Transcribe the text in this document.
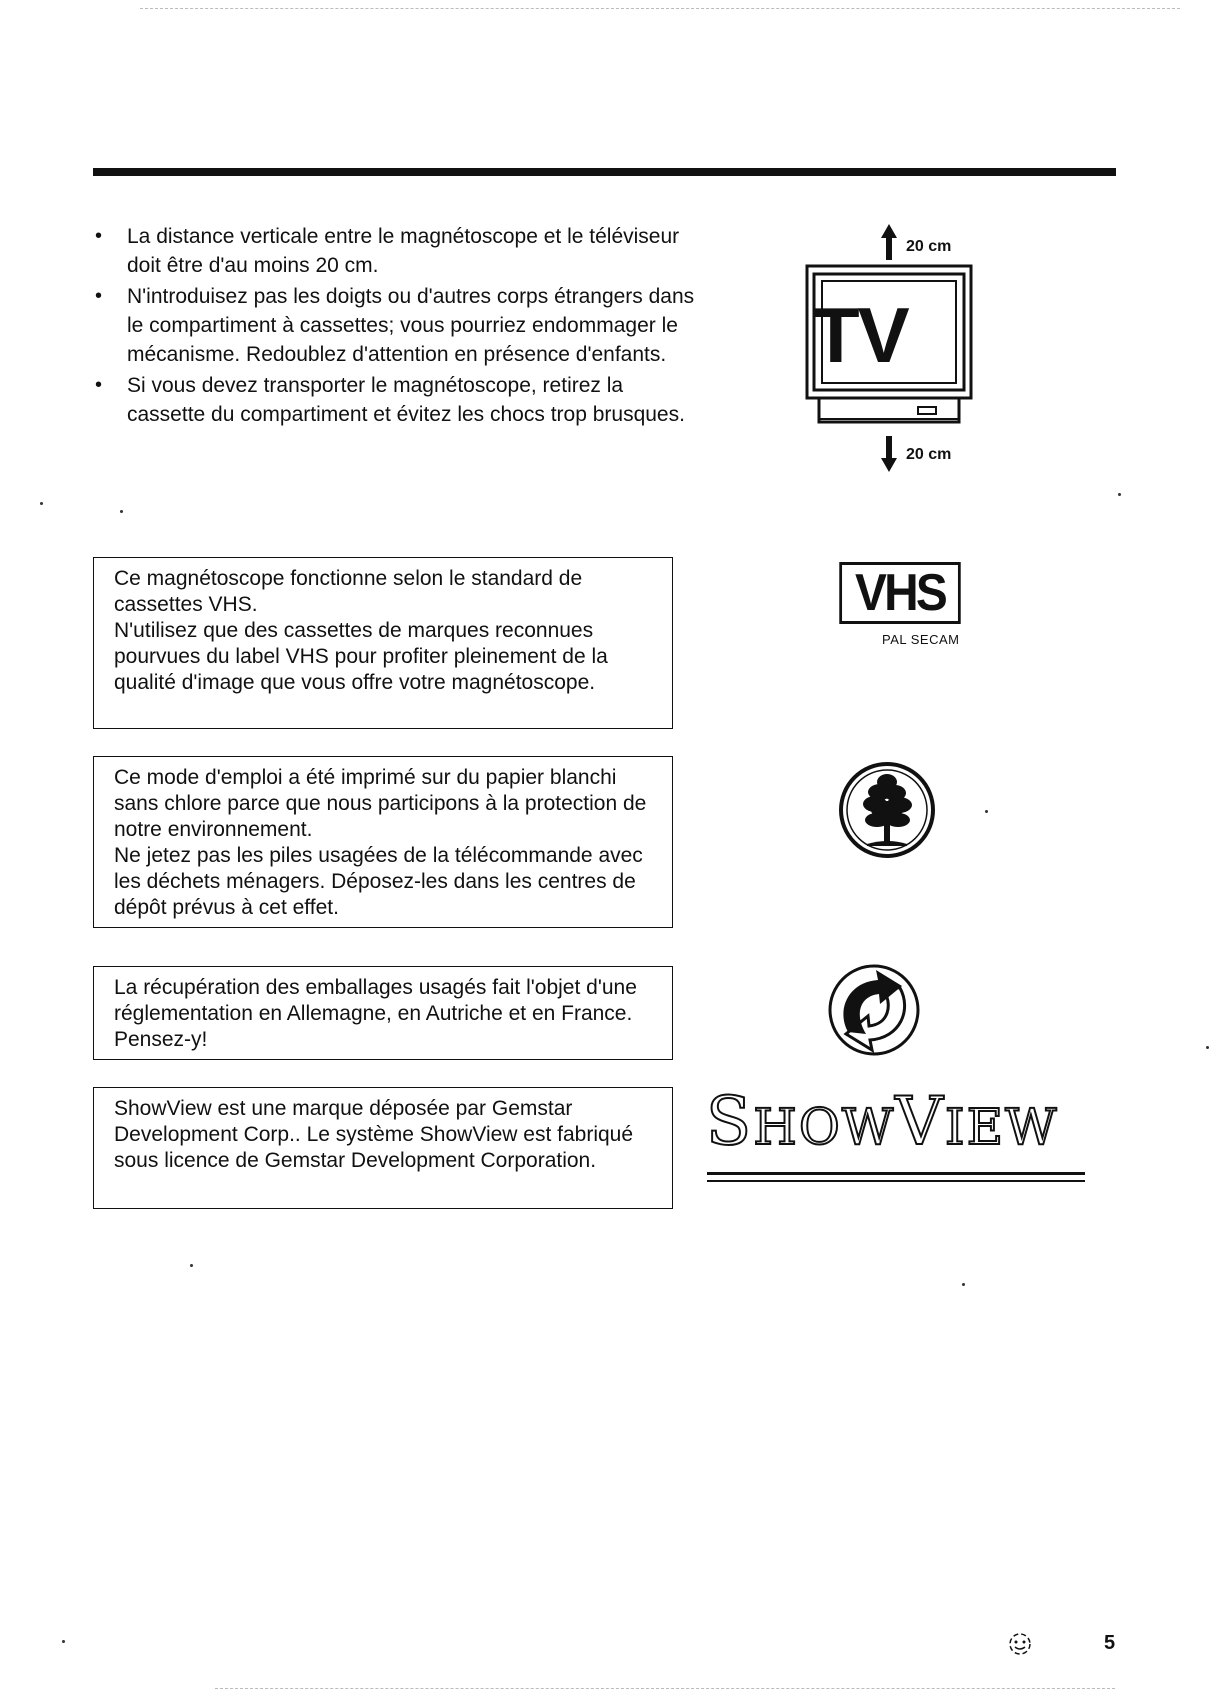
• La distance verticale entre le magnétoscope et le téléviseur doit être d'au moins 20 cm.
• N'introduisez pas les doigts ou d'autres corps étrangers dans le compartiment à cassettes; vous pourriez endommager le mécanisme. Redoublez d'attention en présence d'enfants.
• Si vous devez transporter le magnétoscope, retirez la cassette du compartiment et évitez les chocs trop brusques.
20 cm
TV
20 cm

Ce magnétoscope fonctionne selon le standard de cassettes VHS.

N'utilisez que des cassettes de marques reconnues pourvues du label VHS pour profiter pleinement de la qualité d'image que vous offre votre magnétoscope.

Ce mode d'emploi a été imprimé sur du papier blanchi sans chlore parce que nous participons à la protection de notre environnement.

Ne jetez pas les piles usagées de la télécommande avec les déchets ménagers. Déposez-les dans les centres de dépôt prévus à cet effet.

La récupération des emballages usagés fait l'objet d'une réglementation en Allemagne, en Autriche et en France. Pensez-y!

ShowView est une marque déposée par Gemstar Development Corp.. Le système ShowView est fabriqué sous licence de Gemstar Development Corporation.

VHS
PAL SECAM
SHOWVIEW
5
